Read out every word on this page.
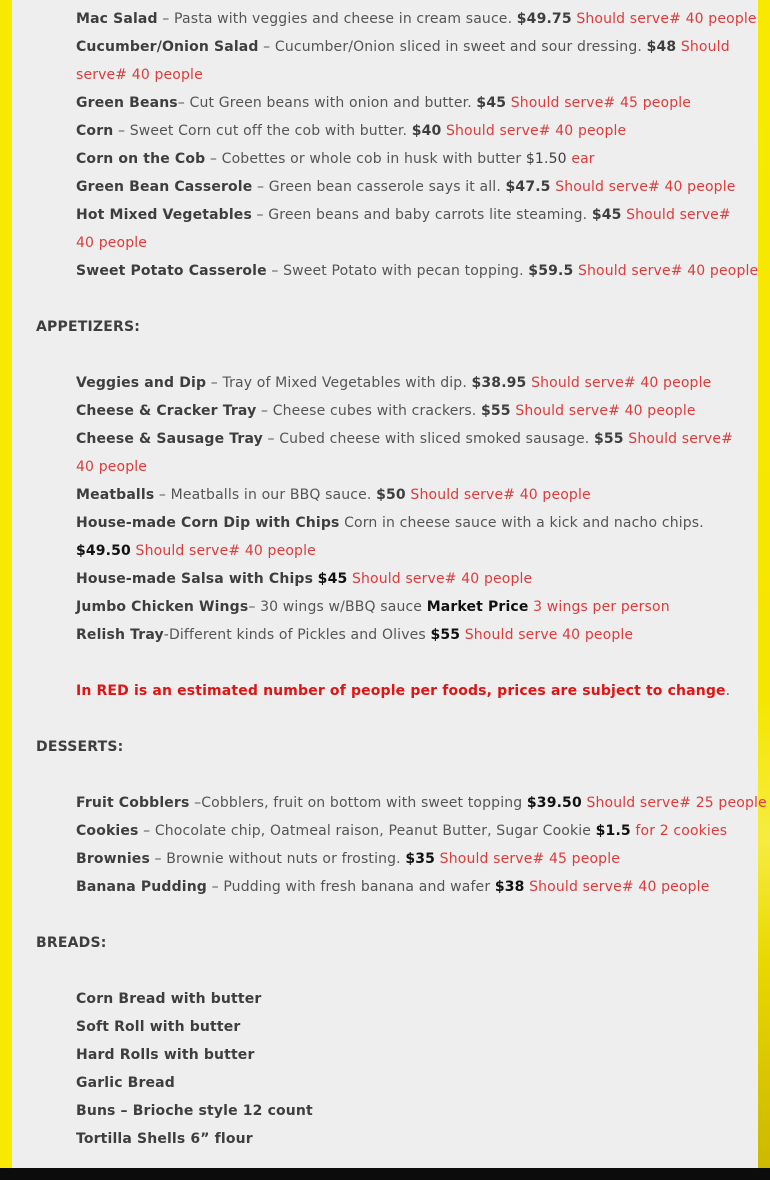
Mac Salad – Pasta with veggies and cheese in cream sauce. $49.75 Should serve# 40 people
Cucumber/Onion Salad – Cucumber/Onion sliced in sweet and sour dressing. $48 Should serve# 40 people
Green Beans– Cut Green beans with onion and butter. $45 Should serve# 45 people
Corn – Sweet Corn cut off the cob with butter. $40 Should serve# 40 people
Corn on the Cob – Cobettes or whole cob in husk with butter $1.50 ear
Green Bean Casserole – Green bean casserole says it all. $47.5 Should serve# 40 people
Hot Mixed Vegetables – Green beans and baby carrots lite steaming. $45 Should serve# 40 people
Sweet Potato Casserole – Sweet Potato with pecan topping. $59.5 Should serve# 40 people
APPETIZERS:
Veggies and Dip – Tray of Mixed Vegetables with dip. $38.95 Should serve# 40 people
Cheese & Cracker Tray – Cheese cubes with crackers. $55 Should serve# 40 people
Cheese & Sausage Tray – Cubed cheese with sliced smoked sausage. $55 Should serve# 40 people
Meatballs – Meatballs in our BBQ sauce. $50 Should serve# 40 people
House-made Corn Dip with Chips Corn in cheese sauce with a kick and nacho chips. $49.50 Should serve# 40 people
House-made Salsa with Chips $45 Should serve# 40 people
Jumbo Chicken Wings– 30 wings w/BBQ sauce Market Price 3 wings per person
Relish Tray-Different kinds of Pickles and Olives $55 Should serve 40 people
In RED is an estimated number of people per foods, prices are subject to change.
DESSERTS:
Fruit Cobblers –Cobblers, fruit on bottom with sweet topping $39.50 Should serve# 25 people
Cookies – Chocolate chip, Oatmeal raison, Peanut Butter, Sugar Cookie $1.5 for 2 cookies
Brownies – Brownie without nuts or frosting. $35 Should serve# 45 people
Banana Pudding – Pudding with fresh banana and wafer $38 Should serve# 40 people
BREADS:
Corn Bread with butter
Soft Roll with butter
Hard Rolls with butter
Garlic Bread
Buns – Brioche style 12 count
Tortilla Shells 6” flour
